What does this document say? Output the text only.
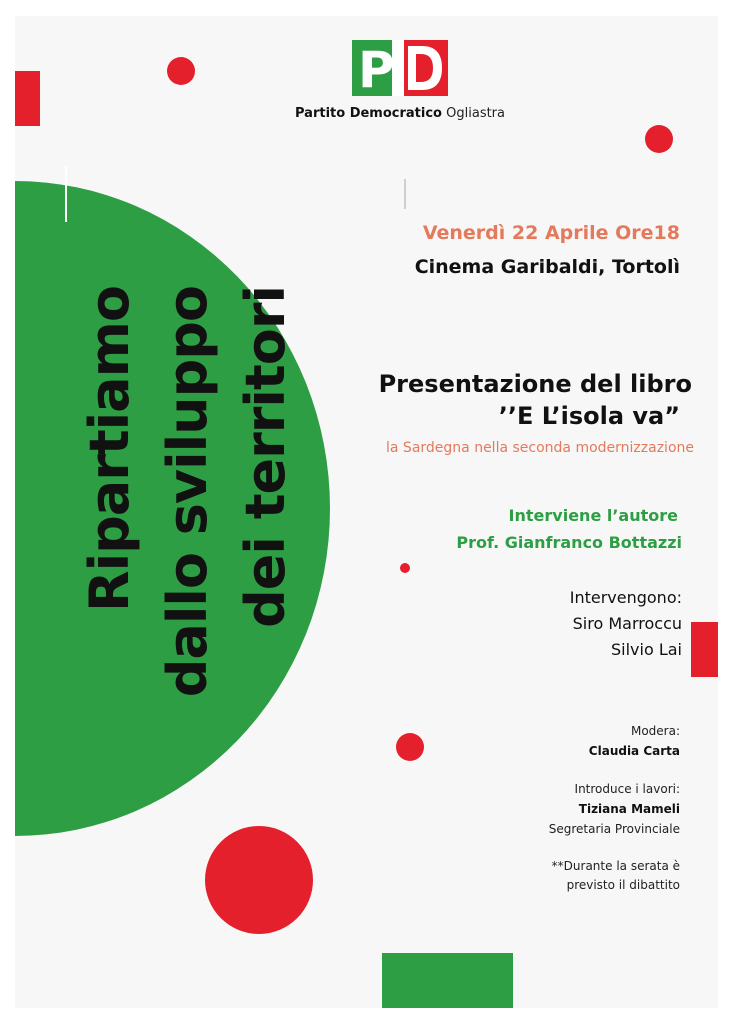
P
Partito Democratico Ogliastra
Ripartiamo dallo sviluppo dei territori
Venerdì 22 Aprile Ore18
Cinema Garibaldi, Tortolì
Presentazione del libro
’’E L’isola va”
la Sardegna nella seconda modernizzazione
Interviene l’autore
Prof. Gianfranco Bottazzi
Intervengono:
Siro Marroccu
Silvio Lai
Modera:
Claudia Carta
Introduce i lavori:
Tiziana Mameli
Segretaria Provinciale
**Durante la serata è
previsto il dibattito
